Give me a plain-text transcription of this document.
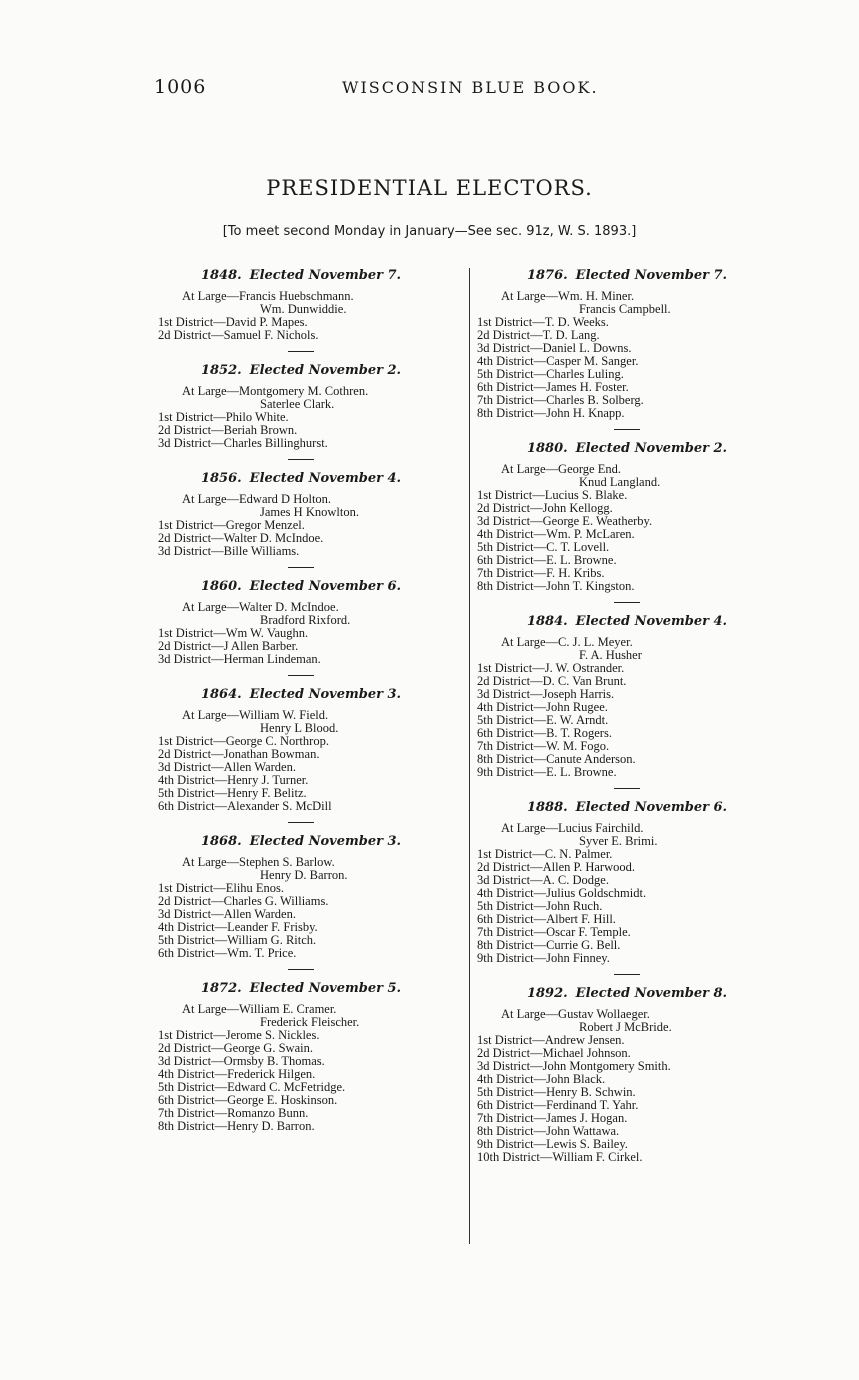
1006	WISCONSIN BLUE BOOK.
PRESIDENTIAL ELECTORS.
[To meet second Monday in January—See sec. 91z, W. S. 1893.]
1848. Elected November 7.
At Large—Francis Huebschmann.
Wm. Dunwiddie.
1st District—David P. Mapes.
2d District—Samuel F. Nichols.
1852. Elected November 2.
At Large—Montgomery M. Cothren.
Saterlee Clark.
1st District—Philo White.
2d District—Beriah Brown.
3d District—Charles Billinghurst.
1856. Elected November 4.
At Large—Edward D Holton.
James H Knowlton.
1st District—Gregor Menzel.
2d District—Walter D. McIndoe.
3d District—Bille Williams.
1860. Elected November 6.
At Large—Walter D. McIndoe.
Bradford Rixford.
1st District—Wm W. Vaughn.
2d District—J Allen Barber.
3d District—Herman Lindeman.
1864. Elected November 3.
At Large—William W. Field.
Henry L Blood.
1st District—George C. Northrop.
2d District—Jonathan Bowman.
3d District—Allen Warden.
4th District—Henry J. Turner.
5th District—Henry F. Belitz.
6th District—Alexander S. McDill
1868. Elected November 3.
At Large—Stephen S. Barlow.
Henry D. Barron.
1st District—Elihu Enos.
2d District—Charles G. Williams.
3d District—Allen Warden.
4th District—Leander F. Frisby.
5th District—William G. Ritch.
6th District—Wm. T. Price.
1872. Elected November 5.
At Large—William E. Cramer.
Frederick Fleischer.
1st District—Jerome S. Nickles.
2d District—George G. Swain.
3d District—Ormsby B. Thomas.
4th District—Frederick Hilgen.
5th District—Edward C. McFetridge.
6th District—George E. Hoskinson.
7th District—Romanzo Bunn.
8th District—Henry D. Barron.
1876. Elected November 7.
At Large—Wm. H. Miner.
Francis Campbell.
1st District—T. D. Weeks.
2d District—T. D. Lang.
3d District—Daniel L. Downs.
4th District—Casper M. Sanger.
5th District—Charles Luling.
6th District—James H. Foster.
7th District—Charles B. Solberg.
8th District—John H. Knapp.
1880. Elected November 2.
At Large—George End.
Knud Langland.
1st District—Lucius S. Blake.
2d District—John Kellogg.
3d District—George E. Weatherby.
4th District—Wm. P. McLaren.
5th District—C. T. Lovell.
6th District—E. L. Browne.
7th District—F. H. Kribs.
8th District—John T. Kingston.
1884. Elected November 4.
At Large—C. J. L. Meyer.
F. A. Husher
1st District—J. W. Ostrander.
2d District—D. C. Van Brunt.
3d District—Joseph Harris.
4th District—John Rugee.
5th District—E. W. Arndt.
6th District—B. T. Rogers.
7th District—W. M. Fogo.
8th District—Canute Anderson.
9th District—E. L. Browne.
1888. Elected November 6.
At Large—Lucius Fairchild.
Syver E. Brimi.
1st District—C. N. Palmer.
2d District—Allen P. Harwood.
3d District—A. C. Dodge.
4th District—Julius Goldschmidt.
5th District—John Ruch.
6th District—Albert F. Hill.
7th District—Oscar F. Temple.
8th District—Currie G. Bell.
9th District—John Finney.
1892. Elected November 8.
At Large—Gustav Wollaeger.
Robert J McBride.
1st District—Andrew Jensen.
2d District—Michael Johnson.
3d District—John Montgomery Smith.
4th District—John Black.
5th District—Henry B. Schwin.
6th District—Ferdinand T. Yahr.
7th District—James J. Hogan.
8th District—John Wattawa.
9th District—Lewis S. Bailey.
10th District—William F. Cirkel.
